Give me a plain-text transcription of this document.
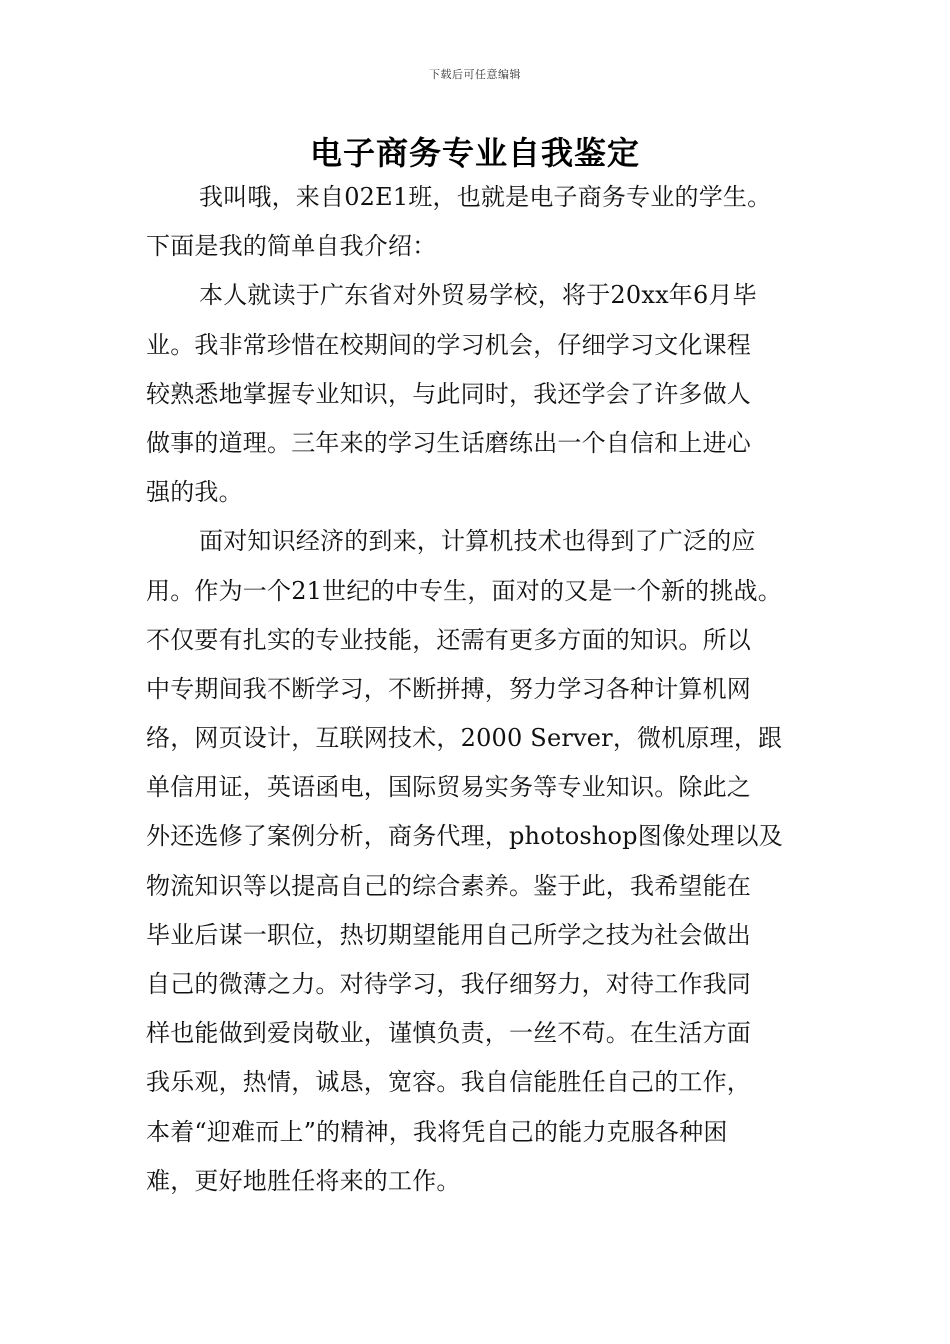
下载后可任意编辑
电子商务专业自我鉴定
我叫哦，来自02E1班，也就是电子商务专业的学生。
下面是我的简单自我介绍：
本人就读于广东省对外贸易学校，将于20xx年6月毕
业。我非常珍惜在校期间的学习机会，仔细学习文化课程
较熟悉地掌握专业知识，与此同时，我还学会了许多做人
做事的道理。三年来的学习生话磨练出一个自信和上进心
强的我。
面对知识经济的到来，计算机技术也得到了广泛的应
用。作为一个21世纪的中专生，面对的又是一个新的挑战。
不仅要有扎实的专业技能，还需有更多方面的知识。所以
中专期间我不断学习，不断拼搏，努力学习各种计算机网
络，网页设计，互联网技术，2000 Server，微机原理，跟
单信用证，英语函电，国际贸易实务等专业知识。除此之
外还选修了案例分析，商务代理，photoshop图像处理以及
物流知识等以提高自己的综合素养。鉴于此，我希望能在
毕业后谋一职位，热切期望能用自己所学之技为社会做出
自己的微薄之力。对待学习，我仔细努力，对待工作我同
样也能做到爱岗敬业，谨慎负责，一丝不苟。在生活方面
我乐观，热情，诚恳，宽容。我自信能胜任自己的工作，
本着“迎难而上”的精神，我将凭自己的能力克服各种困
难，更好地胜任将来的工作。
